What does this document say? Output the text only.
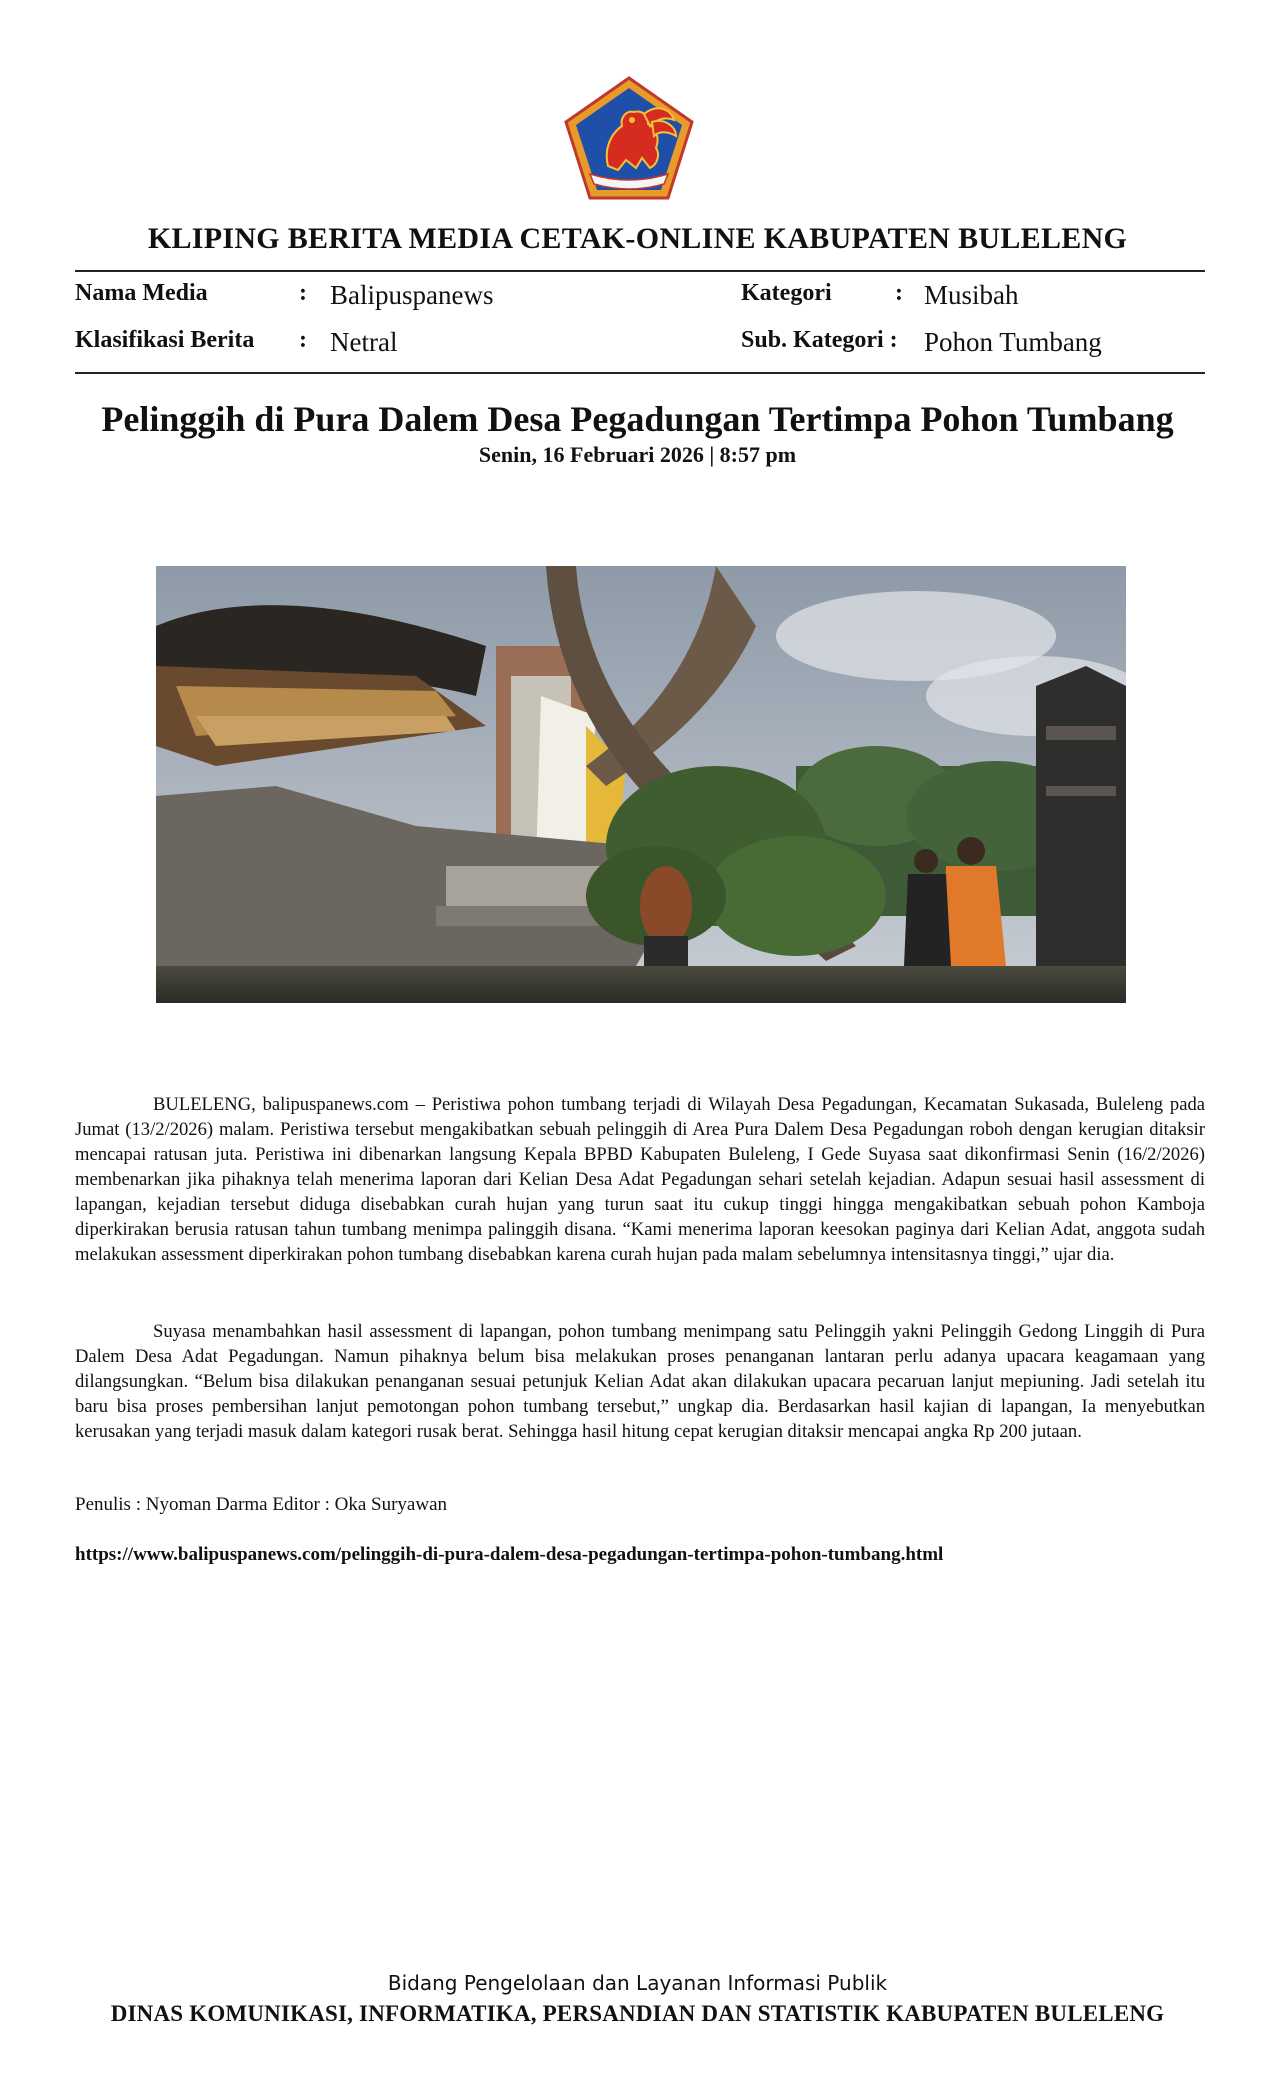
KLIPING BERITA MEDIA CETAK-ONLINE KABUPATEN BULELENG
Nama Media	: Balipuspanews	Kategori	: Musibah
Klasifikasi Berita : Netral	Sub. Kategori : Pohon Tumbang
Pelinggih di Pura Dalem Desa Pegadungan Tertimpa Pohon Tumbang
Senin, 16 Februari 2026 | 8:57 pm
BULELENG, balipuspanews.com – Peristiwa pohon tumbang terjadi di Wilayah Desa Pegadungan, Kecamatan Sukasada, Buleleng pada Jumat (13/2/2026) malam. Peristiwa tersebut mengakibatkan sebuah pelinggih di Area Pura Dalem Desa Pegadungan roboh dengan kerugian ditaksir mencapai ratusan juta. Peristiwa ini dibenarkan langsung Kepala BPBD Kabupaten Buleleng, I Gede Suyasa saat dikonfirmasi Senin (16/2/2026) membenarkan jika pihaknya telah menerima laporan dari Kelian Desa Adat Pegadungan sehari setelah kejadian. Adapun sesuai hasil assessment di lapangan, kejadian tersebut diduga disebabkan curah hujan yang turun saat itu cukup tinggi hingga mengakibatkan sebuah pohon Kamboja diperkirakan berusia ratusan tahun tumbang menimpa palinggih disana. “Kami menerima laporan keesokan paginya dari Kelian Adat, anggota sudah melakukan assessment diperkirakan pohon tumbang disebabkan karena curah hujan pada malam sebelumnya intensitasnya tinggi,” ujar dia.
Suyasa menambahkan hasil assessment di lapangan, pohon tumbang menimpang satu Pelinggih yakni Pelinggih Gedong Linggih di Pura Dalem Desa Adat Pegadungan. Namun pihaknya belum bisa melakukan proses penanganan lantaran perlu adanya upacara keagamaan yang dilangsungkan. “Belum bisa dilakukan penanganan sesuai petunjuk Kelian Adat akan dilakukan upacara pecaruan lanjut mepiuning. Jadi setelah itu baru bisa proses pembersihan lanjut pemotongan pohon tumbang tersebut,” ungkap dia. Berdasarkan hasil kajian di lapangan, Ia menyebutkan kerusakan yang terjadi masuk dalam kategori rusak berat. Sehingga hasil hitung cepat kerugian ditaksir mencapai angka Rp 200 jutaan.
Penulis : Nyoman Darma Editor : Oka Suryawan
https://www.balipuspanews.com/pelinggih-di-pura-dalem-desa-pegadungan-tertimpa-pohon-tumbang.html
Bidang Pengelolaan dan Layanan Informasi Publik
DINAS KOMUNIKASI, INFORMATIKA, PERSANDIAN DAN STATISTIK KABUPATEN BULELENG
